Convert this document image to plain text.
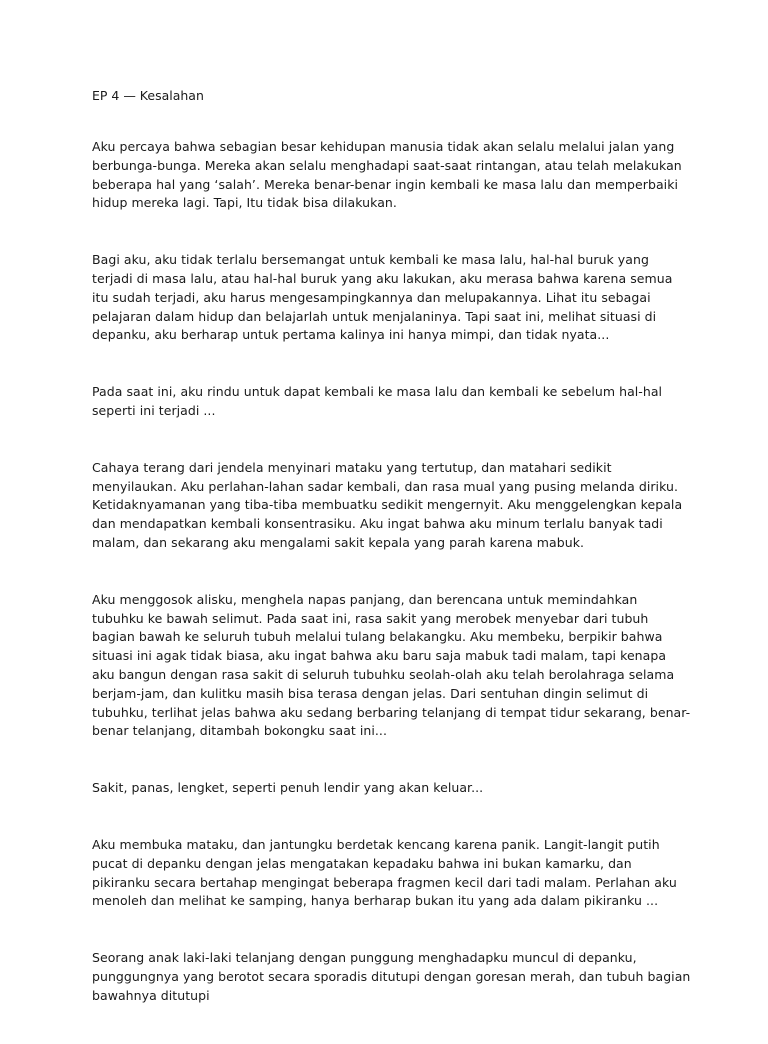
EP 4 — Kesalahan

Aku percaya bahwa sebagian besar kehidupan manusia tidak akan selalu melalui jalan yang berbunga-bunga. Mereka akan selalu menghadapi saat-saat rintangan, atau telah melakukan beberapa hal yang ‘salah’. Mereka benar-benar ingin kembali ke masa lalu dan memperbaiki hidup mereka lagi. Tapi, Itu tidak bisa dilakukan.

Bagi aku, aku tidak terlalu bersemangat untuk kembali ke masa lalu, hal-hal buruk yang terjadi di masa lalu, atau hal-hal buruk yang aku lakukan, aku merasa bahwa karena semua itu sudah terjadi, aku harus mengesampingkannya dan melupakannya. Lihat itu sebagai pelajaran dalam hidup dan belajarlah untuk menjalaninya. Tapi saat ini, melihat situasi di depanku, aku berharap untuk pertama kalinya ini hanya mimpi, dan tidak nyata...

Pada saat ini, aku rindu untuk dapat kembali ke masa lalu dan kembali ke sebelum hal-hal seperti ini terjadi ...

Cahaya terang dari jendela menyinari mataku yang tertutup, dan matahari sedikit menyilaukan. Aku perlahan-lahan sadar kembali, dan rasa mual yang pusing melanda diriku. Ketidaknyamanan yang tiba-tiba membuatku sedikit mengernyit. Aku menggelengkan kepala dan mendapatkan kembali konsentrasiku. Aku ingat bahwa aku minum terlalu banyak tadi malam, dan sekarang aku mengalami sakit kepala yang parah karena mabuk.

Aku menggosok alisku, menghela napas panjang, dan berencana untuk memindahkan tubuhku ke bawah selimut. Pada saat ini, rasa sakit yang merobek menyebar dari tubuh bagian bawah ke seluruh tubuh melalui tulang belakangku. Aku membeku, berpikir bahwa situasi ini agak tidak biasa, aku ingat bahwa aku baru saja mabuk tadi malam, tapi kenapa aku bangun dengan rasa sakit di seluruh tubuhku seolah-olah aku telah berolahraga selama berjam-jam, dan kulitku masih bisa terasa dengan jelas. Dari sentuhan dingin selimut di tubuhku, terlihat jelas bahwa aku sedang berbaring telanjang di tempat tidur sekarang, benar-benar telanjang, ditambah bokongku saat ini...

Sakit, panas, lengket, seperti penuh lendir yang akan keluar...

Aku membuka mataku, dan jantungku berdetak kencang karena panik. Langit-langit putih pucat di depanku dengan jelas mengatakan kepadaku bahwa ini bukan kamarku, dan pikiranku secara bertahap mengingat beberapa fragmen kecil dari tadi malam. Perlahan aku menoleh dan melihat ke samping, hanya berharap bukan itu yang ada dalam pikiranku ...

Seorang anak laki-laki telanjang dengan punggung menghadapku muncul di depanku, punggungnya yang berotot secara sporadis ditutupi dengan goresan merah, dan tubuh bagian bawahnya ditutupi
